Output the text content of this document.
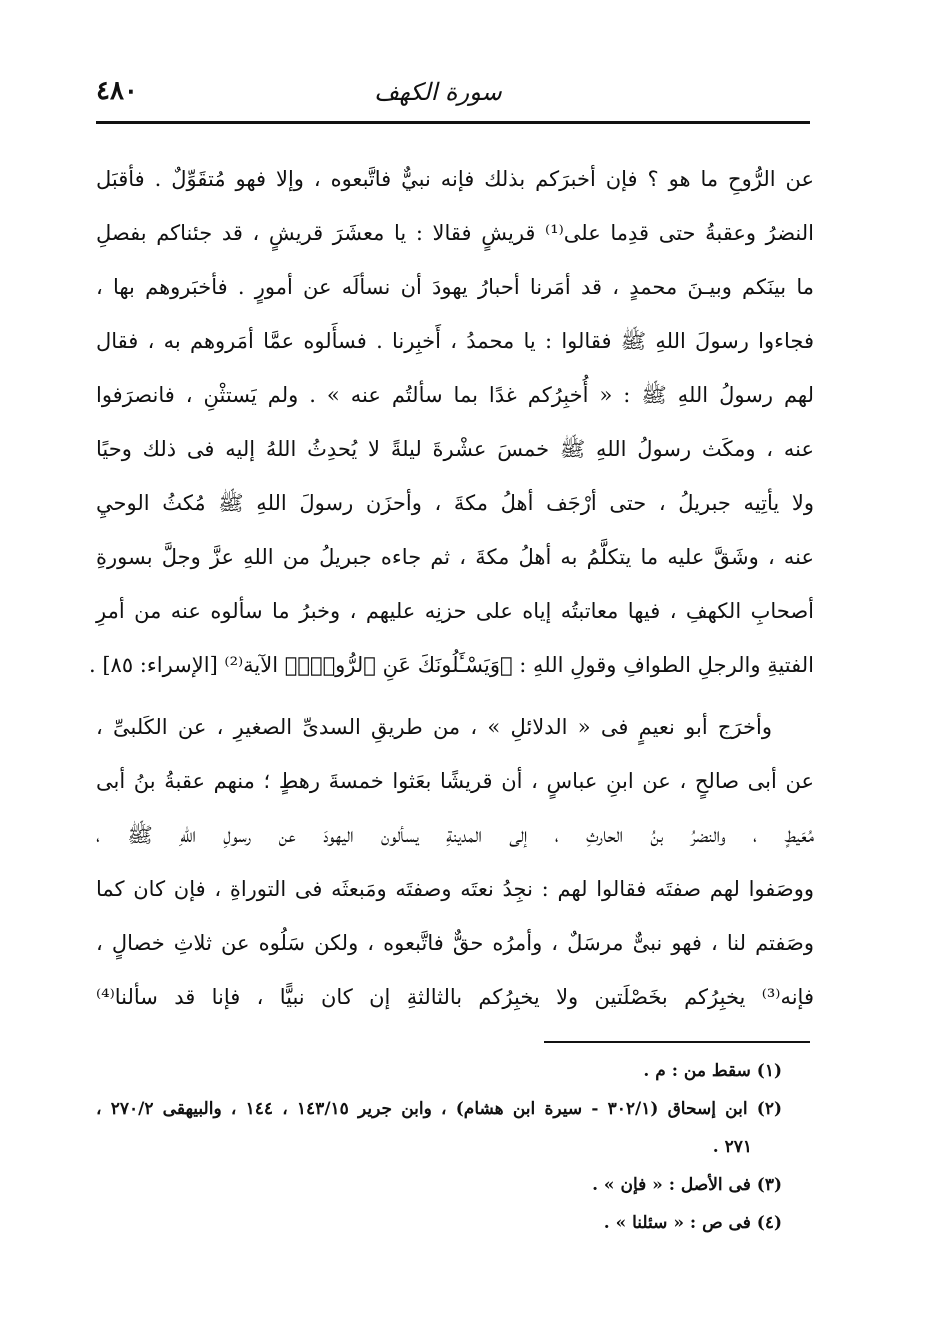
٤٨٠	سورة الكهف

عن الرُّوحِ ما هو ؟ فإن أخبرَكم بذلك فإنه نبيٌّ فاتَّبعوه ، وإلا فهو مُتقَوِّلٌ . فأقبَل
النضرُ وعقبةُ حتى قدِما على⁽¹⁾ قريشٍ فقالا : يا معشَرَ قريشٍ ، قد جئناكم بفصلِ
ما بينَكم وبيـنَ محمدٍ ، قد أمَرنا أحبارُ يهودَ أن نسألَه عن أمورٍ . فأخبَروهم بها ،
فجاءوا رسولَ اللهِ ﷺ فقالوا : يا محمدُ ، أَخبِرنا . فسأَلوه عمَّا أمَروهم به ، فقال
لهم رسولُ اللهِ ﷺ : « أُخبِرُكم غدًا بما سألتُم عنه » . ولم يَستثْنِ ، فانصرَفوا
عنه ، ومكَث رسولُ اللهِ ﷺ خمسَ عشْرةَ ليلةً لا يُحدِثُ اللهُ إليه فى ذلك وحيًا
ولا يأتِيه جبريلُ ، حتى أرْجَف أهلُ مكةَ ، وأحزَن رسولَ اللهِ ﷺ مُكثُ الوحيِ
عنه ، وشَقَّ عليه ما يتكلَّمُ به أهلُ مكةَ ، ثم جاءه جبريلُ من اللهِ عزَّ وجلَّ بسورةِ
أصحابِ الكهفِ ، فيها معاتبتُه إياه على حزنِه عليهم ، وخبرُ ما سألوه عنه من أمرِ
الفتيةِ والرجلِ الطوافِ وقولِ اللهِ : ﴿وَيَسْـَٔلُونَكَ عَنِ ٱلرُّوحِۖ﴾ الآية⁽²⁾ [الإسراء: ٨٥] .

وأخرَج أبو نعيمٍ فى « الدلائلِ » ، من طريقِ السدىِّ الصغيرِ ، عن الكَلبىِّ ،
عن أبى صالحٍ ، عن ابنِ عباسٍ ، أن قريشًا بعَثوا خمسةَ رهطٍ ؛ منهم عقبةُ بنُ أبى
مُعَيطٍ ، والنضرُ بنُ الحارثِ ، إلى المدينةِ يسألون اليهودَ عن رسولِ اللهِ ﷺ ،
ووصَفوا لهم صفتَه فقالوا لهم : نجِدُ نعتَه وصفتَه ومَبعثَه فى التوراةِ ، فإن كان كما
وصَفتم لنا ، فهو نبىٌّ مرسَلٌ ، وأمرُه حقٌّ فاتَّبعوه ، ولكن سَلُوه عن ثلاثِ خصالٍ ،
فإنه⁽³⁾ يخبِرُكم بخَصْلَتين ولا يخبِرُكم بالثالثةِ إن كان نبيًّا ، فإنا قد سألنا⁽⁴⁾

(١) سقط من : م .
(٢) ابن إسحاق (٣٠٢/١ - سيرة ابن هشام) ، وابن جرير ١٤٣/١٥ ، ١٤٤ ، والبيهقى ٢٧٠/٢ ،
٢٧١ .
(٣) فى الأصل : « فإن » .
(٤) فى ص : « سئلنا » .
